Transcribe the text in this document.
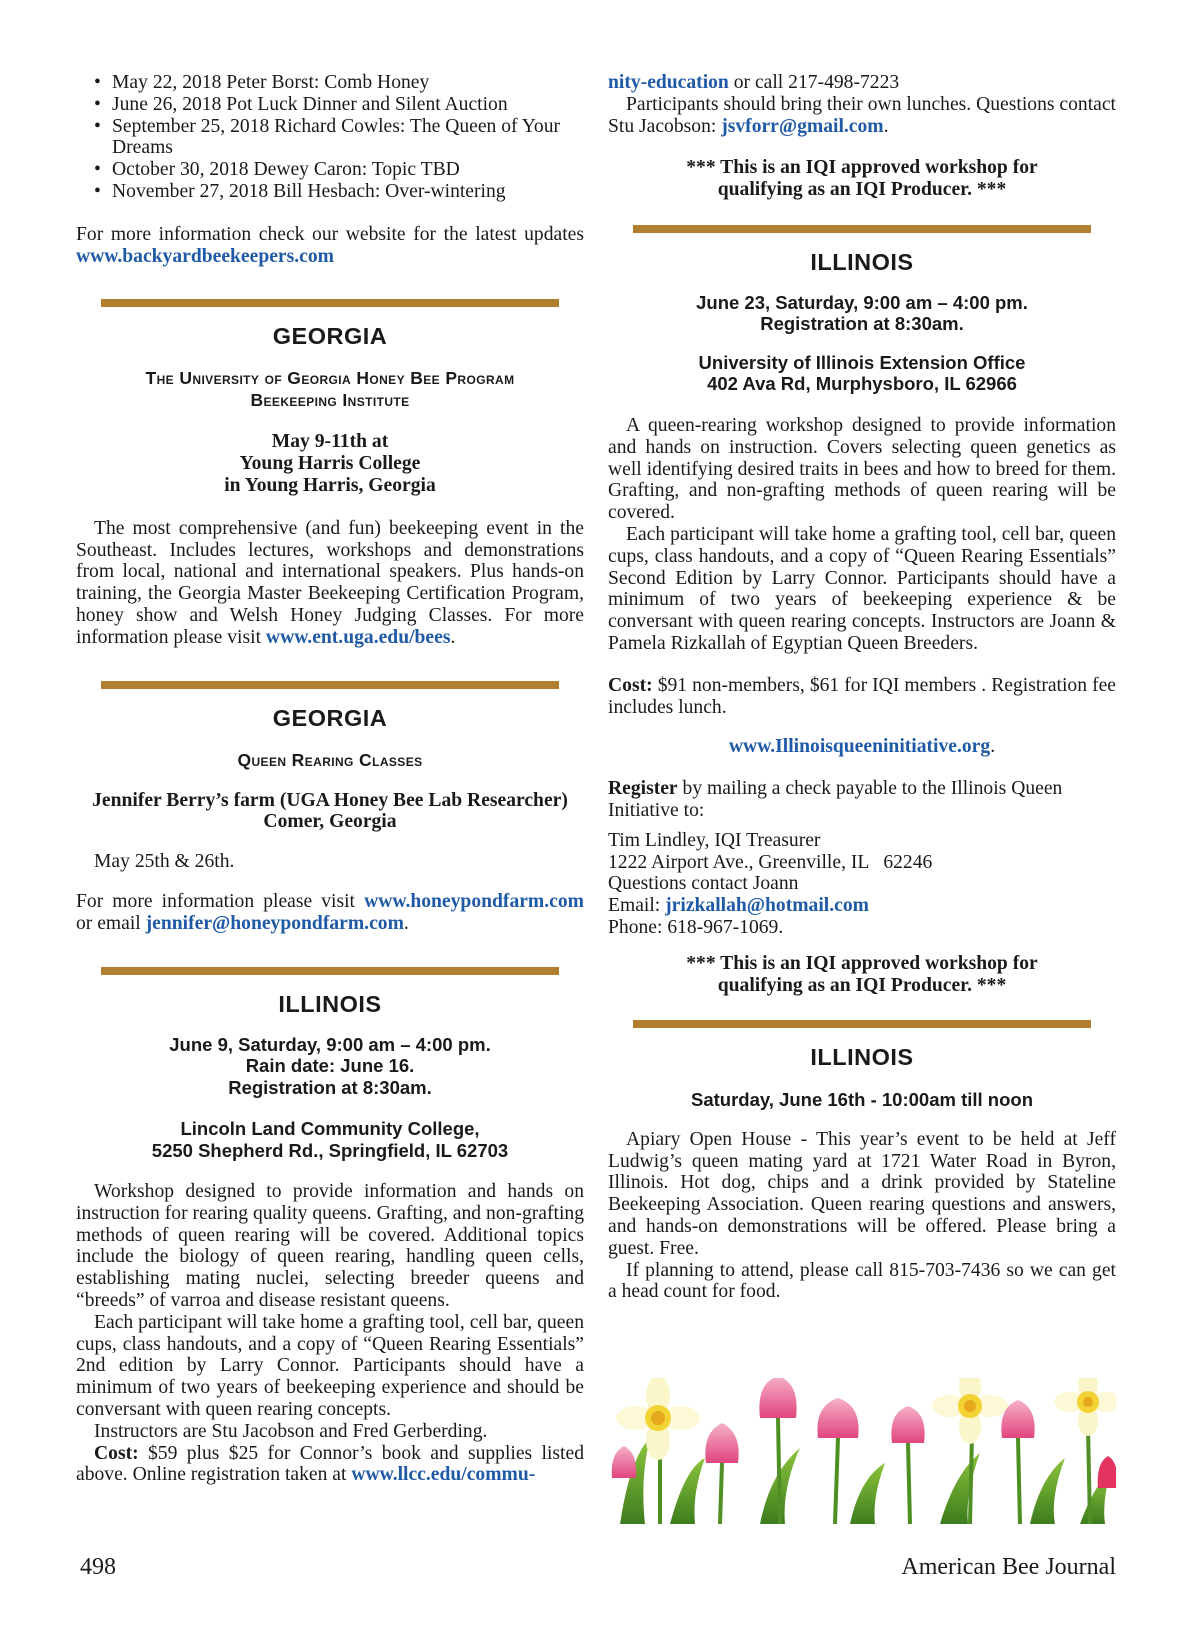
• May 22, 2018 Peter Borst: Comb Honey
• June 26, 2018 Pot Luck Dinner and Silent Auction
• September 25, 2018 Richard Cowles: The Queen of Your Dreams
• October 30, 2018 Dewey Caron: Topic TBD
• November 27, 2018 Bill Hesbach: Over-wintering

For more information check our website for the latest updates www.backyardbeekeepers.com

GEORGIA
The University of Georgia Honey Bee Program
Beekeeping Institute
May 9-11th at
Young Harris College
in Young Harris, Georgia

The most comprehensive (and fun) beekeeping event in the Southeast. Includes lectures, workshops and demonstrations from local, national and international speakers. Plus hands-on training, the Georgia Master Beekeeping Certification Program, honey show and Welsh Honey Judging Classes. For more information please visit www.ent.uga.edu/bees.

GEORGIA
Queen Rearing Classes
Jennifer Berry’s farm (UGA Honey Bee Lab Researcher)
Comer, Georgia

May 25th & 26th.

For more information please visit www.honeypondfarm.com or email jennifer@honeypondfarm.com.

ILLINOIS
June 9, Saturday, 9:00 am – 4:00 pm.
Rain date: June 16.
Registration at 8:30am.
Lincoln Land Community College,
5250 Shepherd Rd., Springfield, IL 62703

Workshop designed to provide information and hands on instruction for rearing quality queens. Grafting, and non-grafting methods of queen rearing will be covered. Additional topics include the biology of queen rearing, handling queen cells, establishing mating nuclei, selecting breeder queens and “breeds” of varroa and disease resistant queens.

Each participant will take home a grafting tool, cell bar, queen cups, class handouts, and a copy of “Queen Rearing Essentials” 2nd edition by Larry Connor. Participants should have a minimum of two years of beekeeping experience and should be conversant with queen rearing concepts.

Instructors are Stu Jacobson and Fred Gerberding.

Cost: $59 plus $25 for Connor’s book and supplies listed above. Online registration taken at www.llcc.edu/commu-

nity-education or call 217-498-7223

Participants should bring their own lunches. Questions contact Stu Jacobson: jsvforr@gmail.com.

*** This is an IQI approved workshop for
qualifying as an IQI Producer. ***
ILLINOIS
June 23, Saturday, 9:00 am – 4:00 pm.
Registration at 8:30am.
University of Illinois Extension Office
402 Ava Rd, Murphysboro, IL 62966

A queen-rearing workshop designed to provide information and hands on instruction. Covers selecting queen genetics as well identifying desired traits in bees and how to breed for them. Grafting, and non-grafting methods of queen rearing will be covered.

Each participant will take home a grafting tool, cell bar, queen cups, class handouts, and a copy of “Queen Rearing Essentials” Second Edition by Larry Connor. Participants should have a minimum of two years of beekeeping experience & be conversant with queen rearing concepts. Instructors are Joann & Pamela Rizkallah of Egyptian Queen Breeders.

Cost: $91 non-members, $61 for IQI members . Registration fee includes lunch.

www.Illinoisqueeninitiative.org.

Register by mailing a check payable to the Illinois Queen Initiative to:

Tim Lindley, IQI Treasurer
1222 Airport Ave., Greenville, IL   62246
Questions contact Joann
Email: jrizkallah@hotmail.com
Phone: 618-967-1069.
*** This is an IQI approved workshop for
qualifying as an IQI Producer. ***
ILLINOIS
Saturday, June 16th - 10:00am till noon

Apiary Open House - This year’s event to be held at Jeff Ludwig’s queen mating yard at 1721 Water Road in Byron, Illinois. Hot dog, chips and a drink provided by Stateline Beekeeping Association. Queen rearing questions and answers, and hands-on demonstrations will be offered. Please bring a guest. Free.

If planning to attend, please call 815-703-7436 so we can get a head count for food.

498	American Bee Journal
